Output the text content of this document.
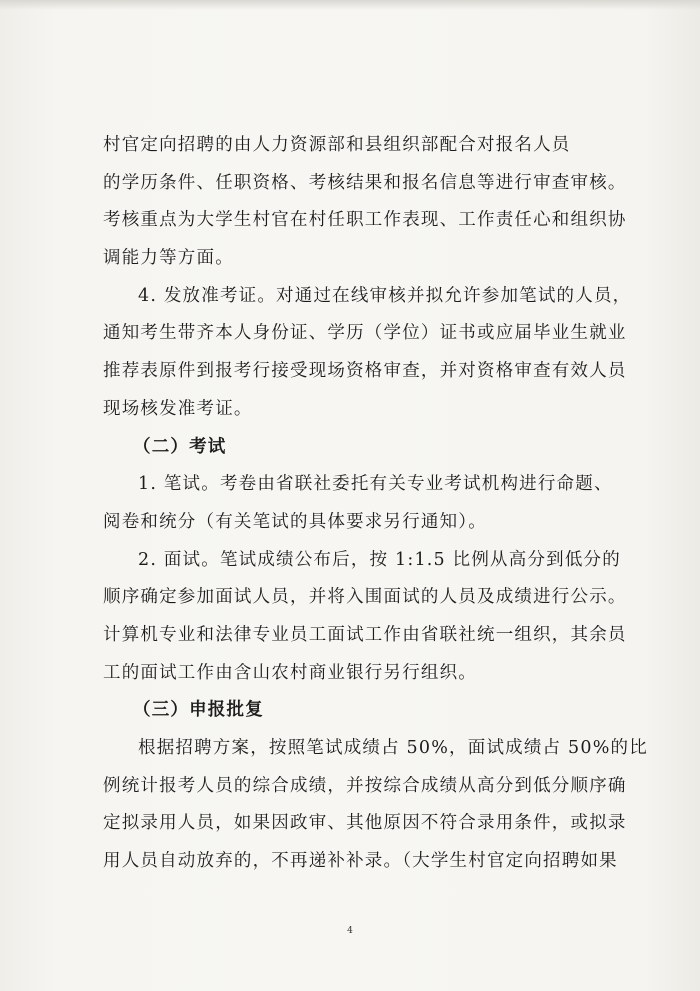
村官定向招聘的由人力资源部和县组织部配合对报名人员
的学历条件、任职资格、考核结果和报名信息等进行审查审核。
考核重点为大学生村官在村任职工作表现、工作责任心和组织协
调能力等方面。
4. 发放准考证。对通过在线审核并拟允许参加笔试的人员，
通知考生带齐本人身份证、学历（学位）证书或应届毕业生就业
推荐表原件到报考行接受现场资格审查，并对资格审查有效人员
现场核发准考证。
（二）考试
1. 笔试。考卷由省联社委托有关专业考试机构进行命题、
阅卷和统分（有关笔试的具体要求另行通知）。
2. 面试。笔试成绩公布后，按 1:1.5 比例从高分到低分的
顺序确定参加面试人员，并将入围面试的人员及成绩进行公示。
计算机专业和法律专业员工面试工作由省联社统一组织，其余员
工的面试工作由含山农村商业银行另行组织。
（三）申报批复
根据招聘方案，按照笔试成绩占 50%，面试成绩占 50%的比
例统计报考人员的综合成绩，并按综合成绩从高分到低分顺序确
定拟录用人员，如果因政审、其他原因不符合录用条件，或拟录
用人员自动放弃的，不再递补补录。（大学生村官定向招聘如果
4
